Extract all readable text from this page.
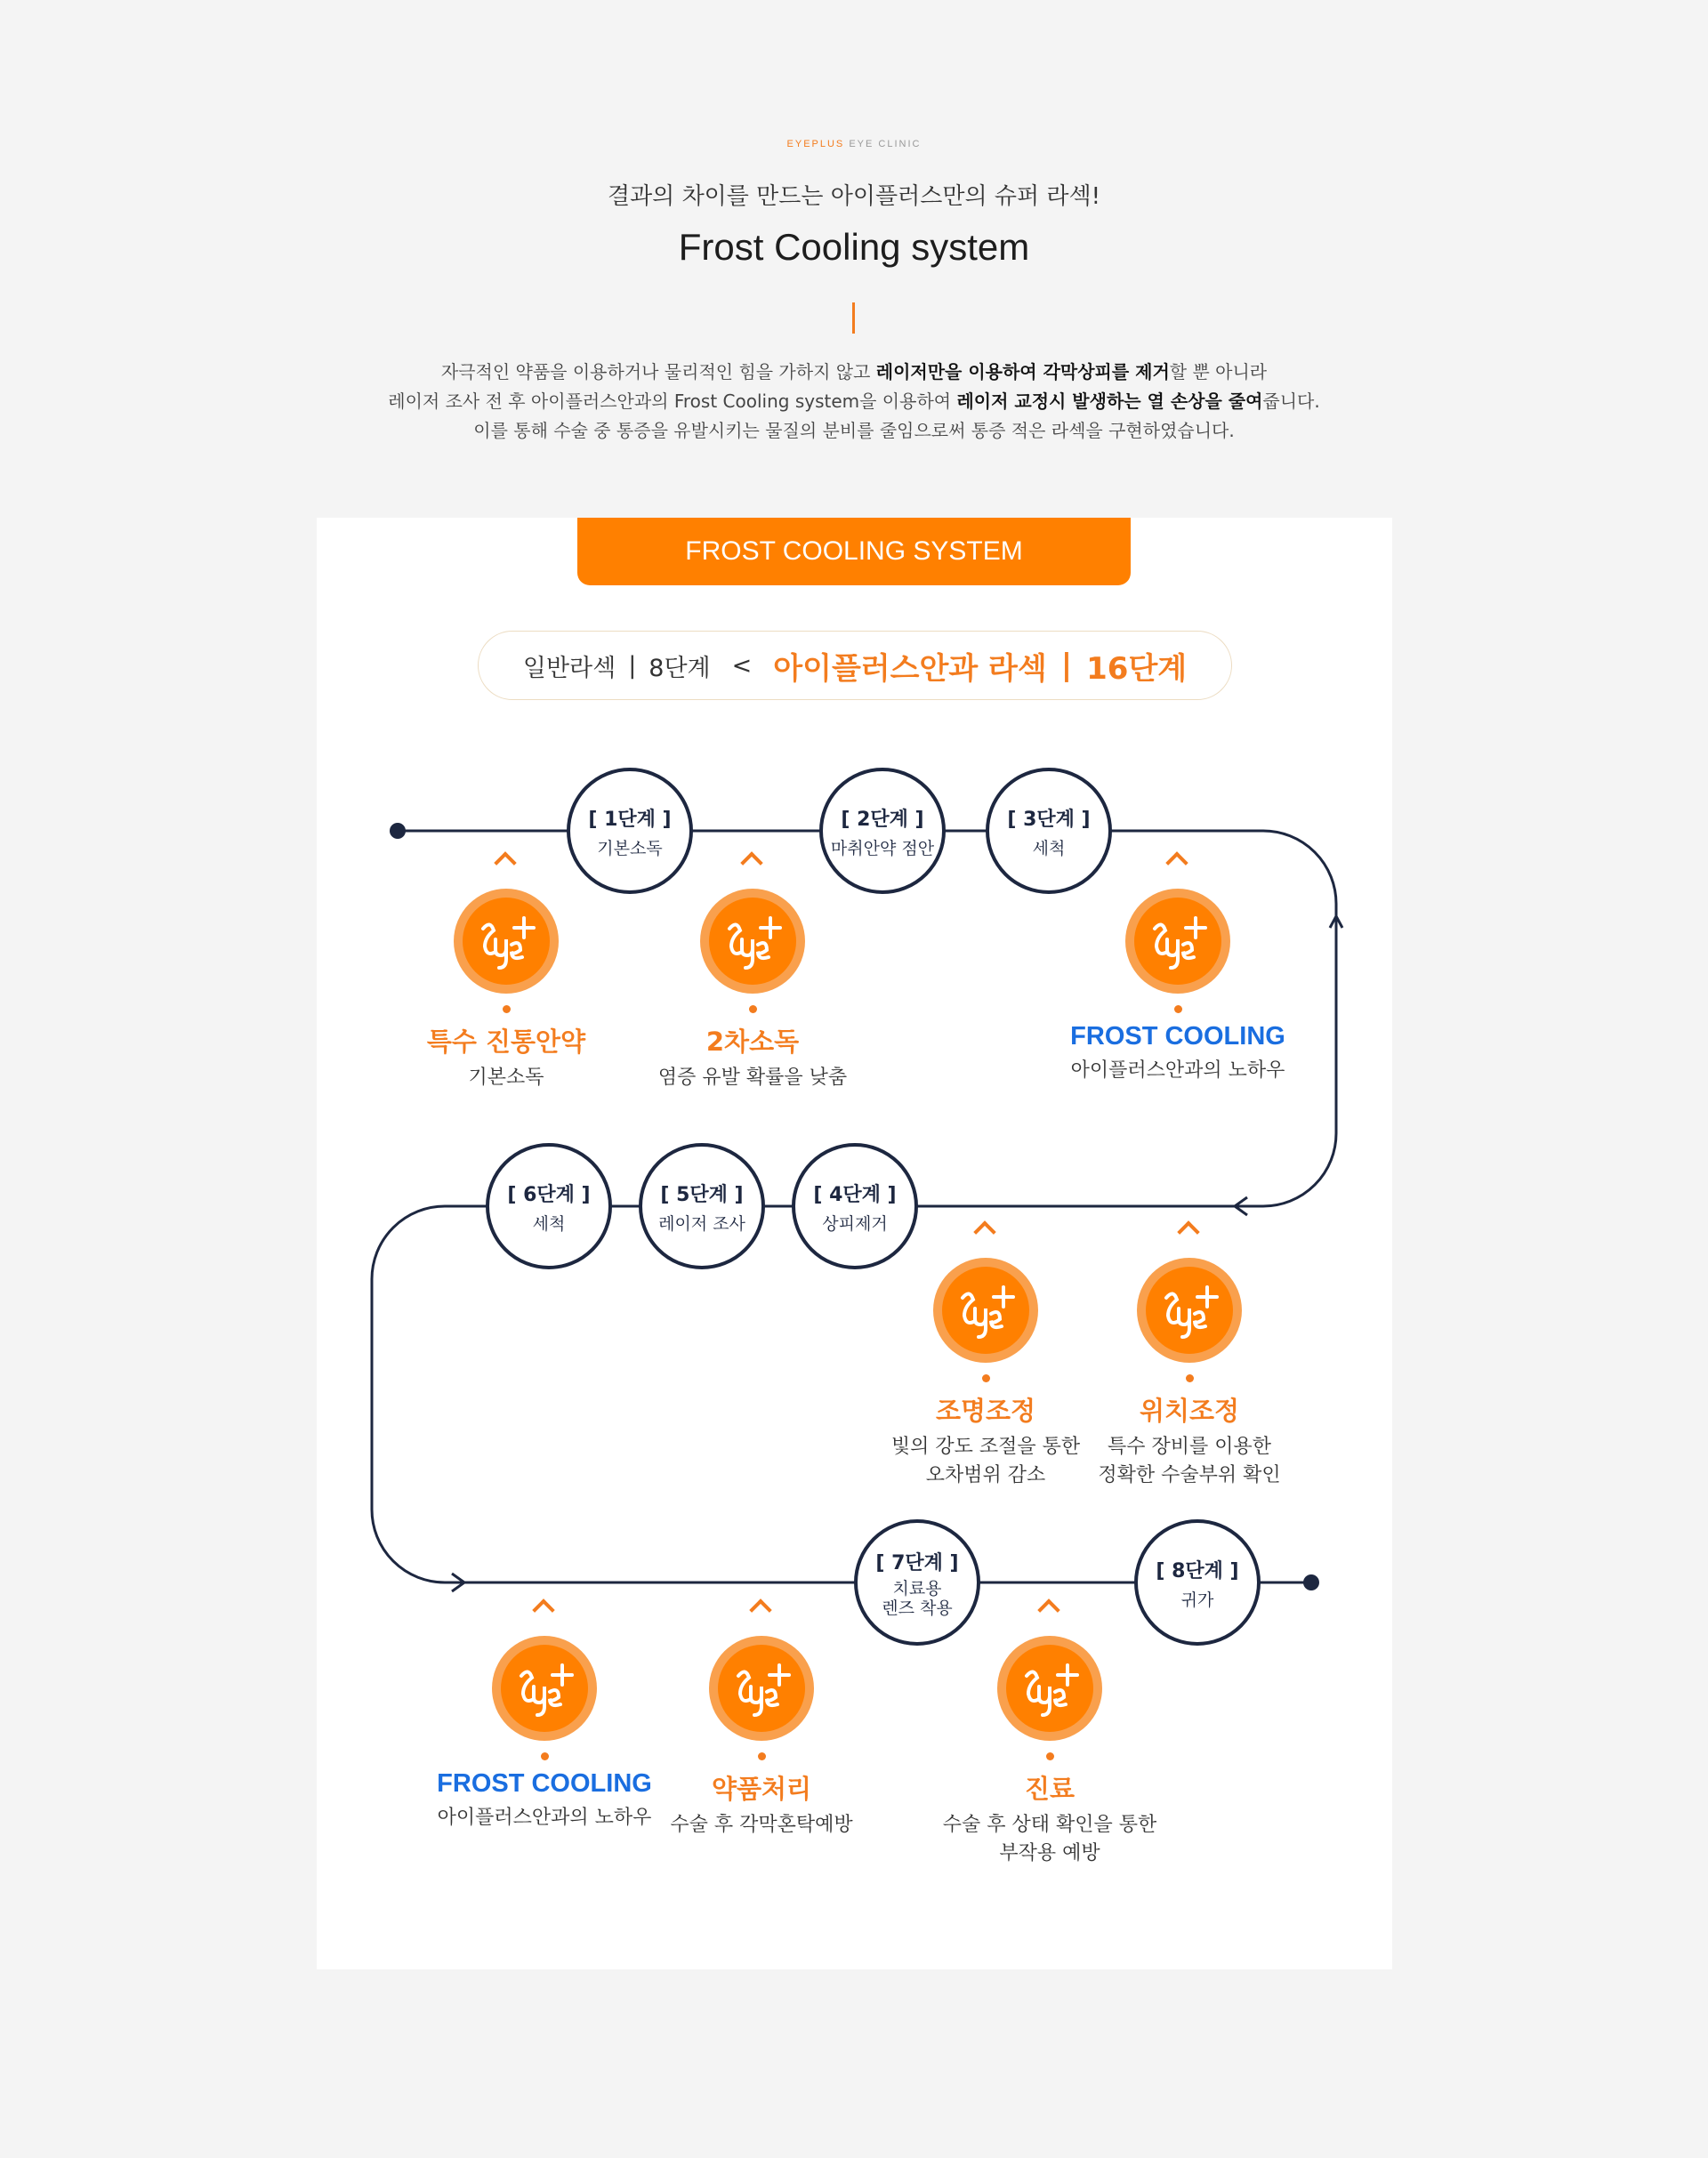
EYEPLUS EYE CLINIC
결과의 차이를 만드는 아이플러스만의 슈퍼 라섹!
Frost Cooling system
자극적인 약품을 이용하거나 물리적인 힘을 가하지 않고 레이저만을 이용하여 각막상피를 제거할 뿐 아니라
레이저 조사 전 후 아이플러스안과의 Frost Cooling system을 이용하여 레이저 교정시 발생하는 열 손상을 줄여줍니다.
이를 통해 수술 중 통증을 유발시키는 물질의 분비를 줄임으로써 통증 적은 라섹을 구현하였습니다.
FROST COOLING SYSTEM
일반라섹 | 8단계 < 아이플러스안과 라섹 | 16단계
[ 1단계 ]
기본소독
[ 2단계 ]
마취안약 점안
[ 3단계 ]
세척
[ 4단계 ]
상피제거
[ 5단계 ]
레이저 조사
[ 6단계 ]
세척
[ 7단계 ]
치료용
렌즈 착용
[ 8단계 ]
귀가
특수 진통안약
기본소독
2차소독
염증 유발 확률을 낮춤
FROST COOLING
아이플러스안과의 노하우
조명조정
빛의 강도 조절을 통한
오차범위 감소
위치조정
특수 장비를 이용한
정확한 수술부위 확인
FROST COOLING
아이플러스안과의 노하우
약품처리
수술 후 각막혼탁예방
진료
수술 후 상태 확인을 통한
부작용 예방
